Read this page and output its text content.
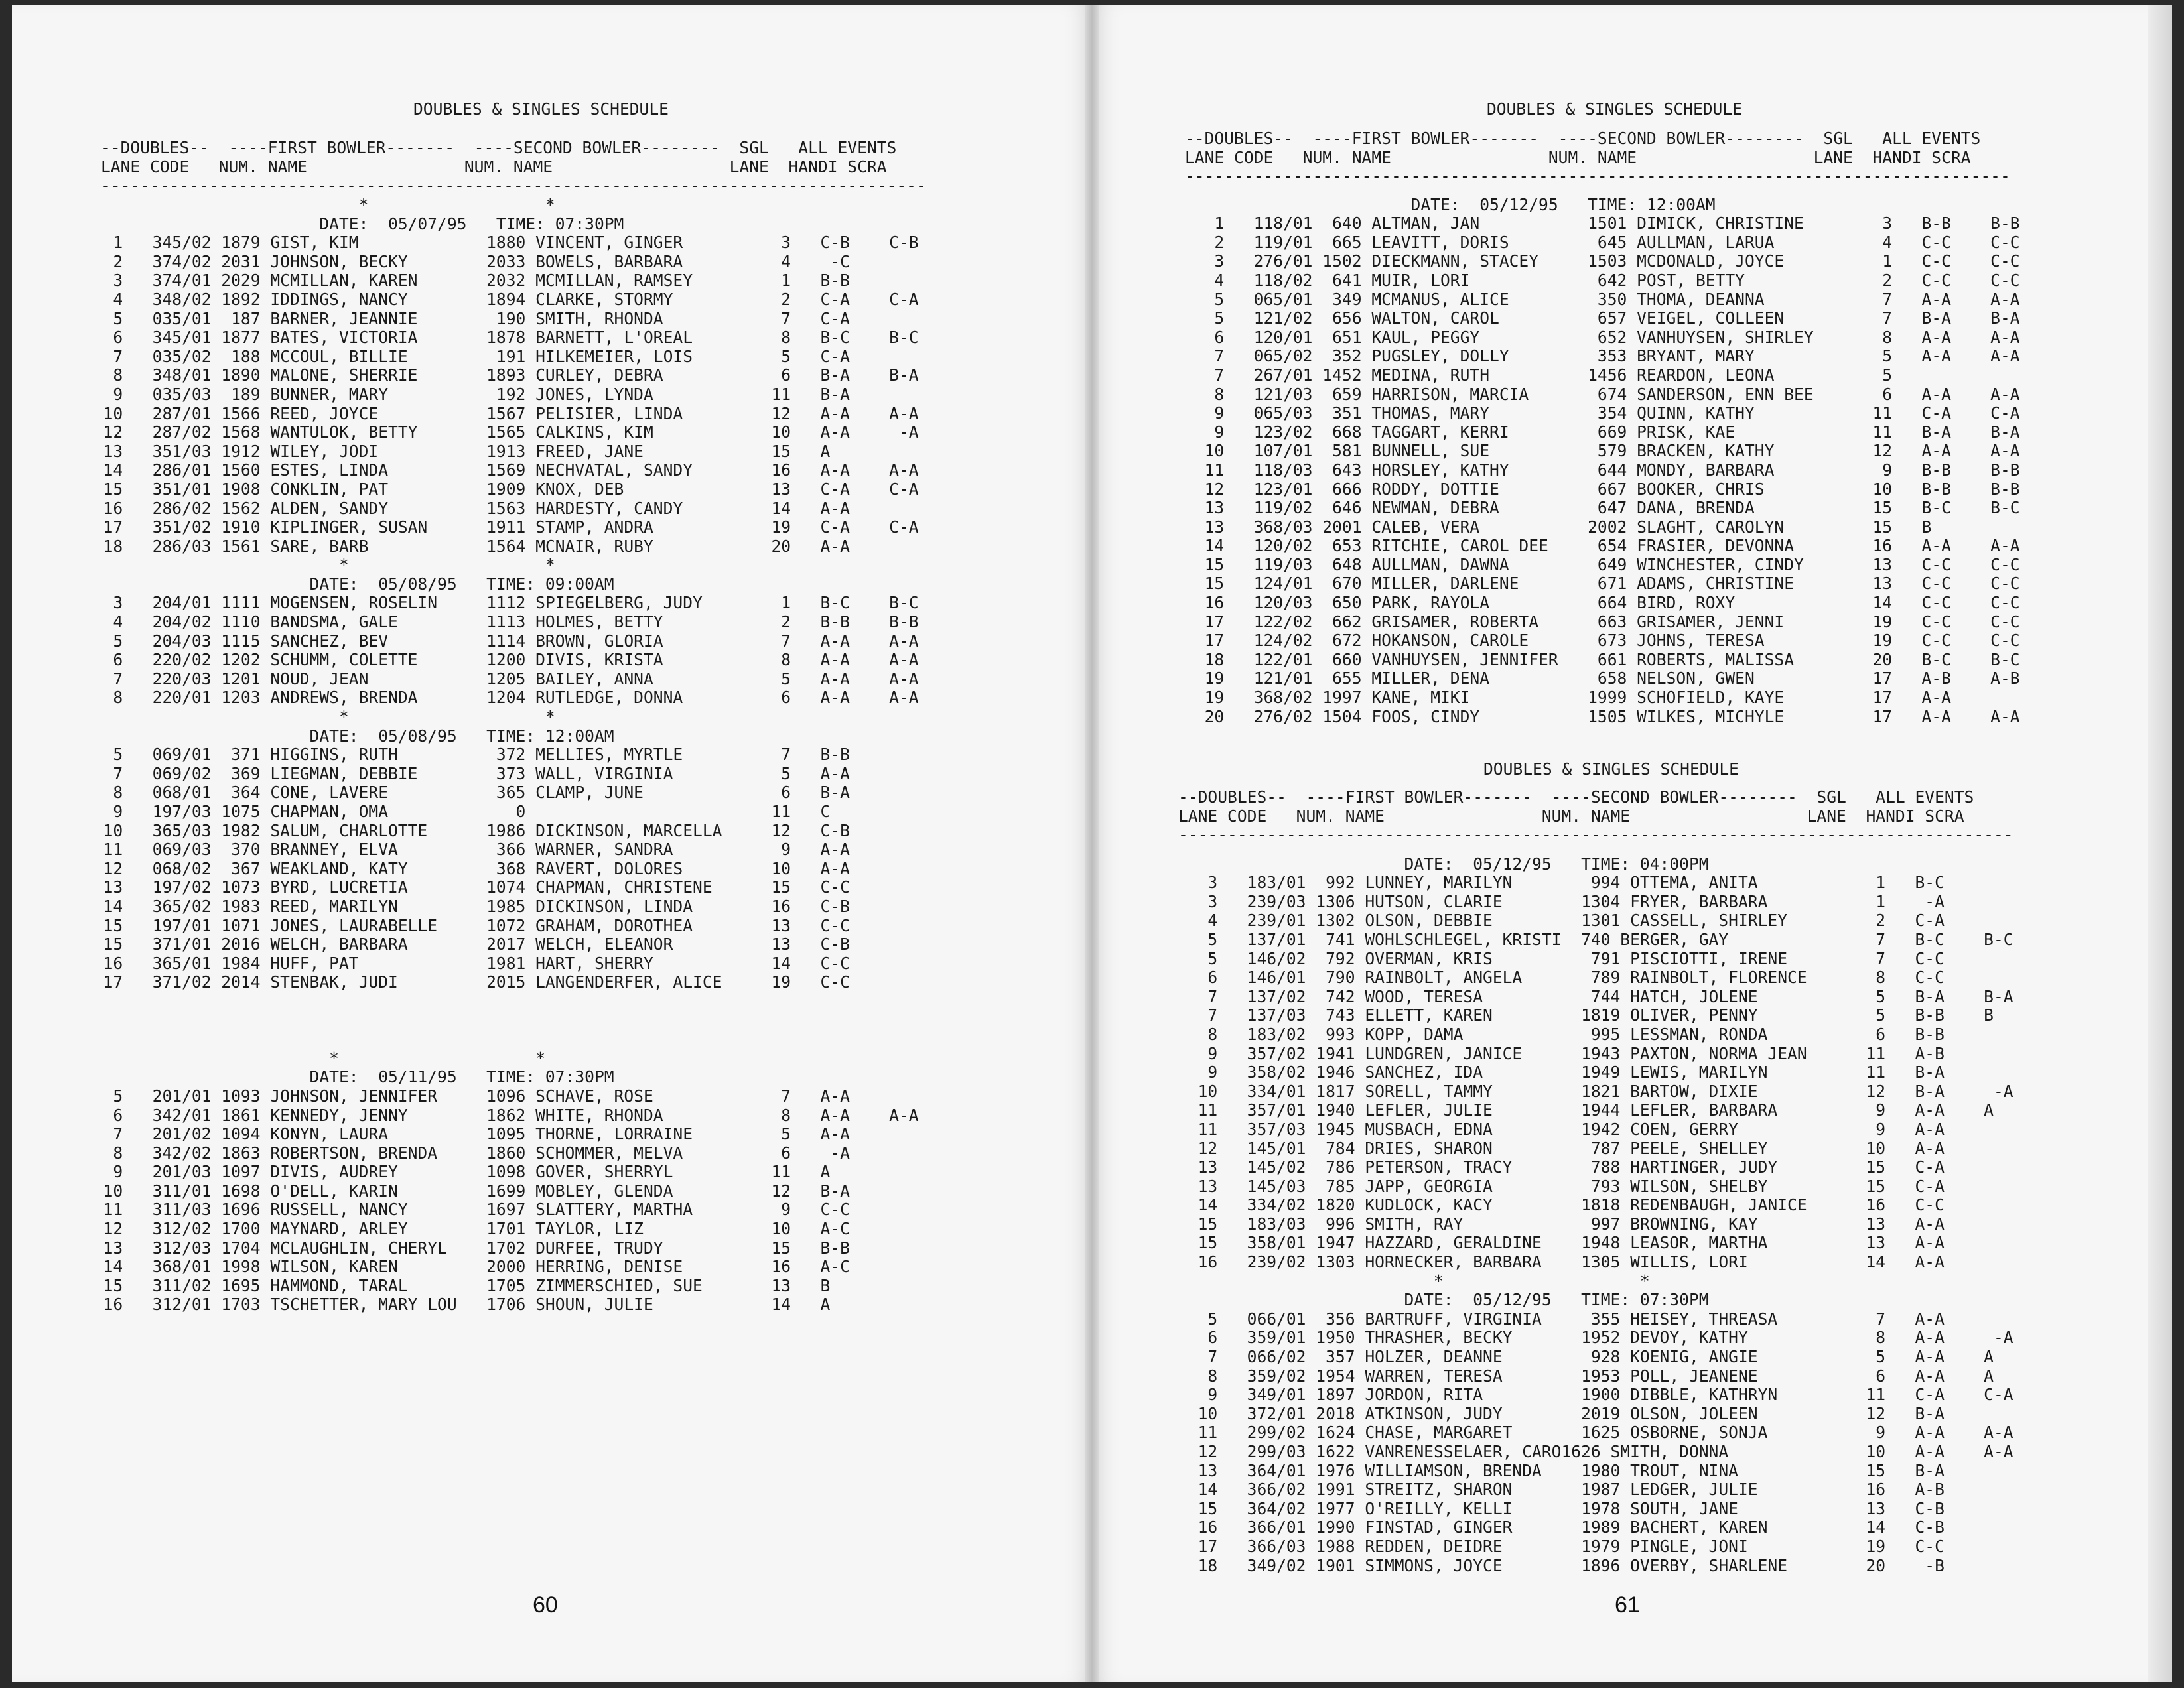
DOUBLES & SINGLES SCHEDULE
--DOUBLES--  ----FIRST BOWLER-------  ----SECOND BOWLER--------  SGL   ALL EVENTS
LANE CODE   NUM. NAME                NUM. NAME                  LANE  HANDI SCRA
------------------------------------------------------------------------------------
*                  *
DATE:  05/07/95   TIME: 07:30PM
1   345/02 1879 GIST, KIM             1880 VINCENT, GINGER          3   C-B    C-B
2   374/02 2031 JOHNSON, BECKY        2033 BOWELS, BARBARA          4    -C
3   374/01 2029 MCMILLAN, KAREN       2032 MCMILLAN, RAMSEY         1   B-B
4   348/02 1892 IDDINGS, NANCY        1894 CLARKE, STORMY           2   C-A    C-A
5   035/01  187 BARNER, JEANNIE        190 SMITH, RHONDA            7   C-A
6   345/01 1877 BATES, VICTORIA       1878 BARNETT, L'OREAL         8   B-C    B-C
7   035/02  188 MCCOUL, BILLIE         191 HILKEMEIER, LOIS         5   C-A
8   348/01 1890 MALONE, SHERRIE       1893 CURLEY, DEBRA            6   B-A    B-A
9   035/03  189 BUNNER, MARY           192 JONES, LYNDA            11   B-A
10   287/01 1566 REED, JOYCE           1567 PELISIER, LINDA         12   A-A    A-A
12   287/02 1568 WANTULOK, BETTY       1565 CALKINS, KIM            10   A-A     -A
13   351/03 1912 WILEY, JODI           1913 FREED, JANE             15   A
14   286/01 1560 ESTES, LINDA          1569 NECHVATAL, SANDY        16   A-A    A-A
15   351/01 1908 CONKLIN, PAT          1909 KNOX, DEB               13   C-A    C-A
16   286/02 1562 ALDEN, SANDY          1563 HARDESTY, CANDY         14   A-A
17   351/02 1910 KIPLINGER, SUSAN      1911 STAMP, ANDRA            19   C-A    C-A
18   286/03 1561 SARE, BARB            1564 MCNAIR, RUBY            20   A-A
*                    *
DATE:  05/08/95   TIME: 09:00AM
3   204/01 1111 MOGENSEN, ROSELIN     1112 SPIEGELBERG, JUDY        1   B-C    B-C
4   204/02 1110 BANDSMA, GALE         1113 HOLMES, BETTY            2   B-B    B-B
5   204/03 1115 SANCHEZ, BEV          1114 BROWN, GLORIA            7   A-A    A-A
6   220/02 1202 SCHUMM, COLETTE       1200 DIVIS, KRISTA            8   A-A    A-A
7   220/03 1201 NOUD, JEAN            1205 BAILEY, ANNA             5   A-A    A-A
8   220/01 1203 ANDREWS, BRENDA       1204 RUTLEDGE, DONNA          6   A-A    A-A
*                    *
DATE:  05/08/95   TIME: 12:00AM
5   069/01  371 HIGGINS, RUTH          372 MELLIES, MYRTLE          7   B-B
7   069/02  369 LIEGMAN, DEBBIE        373 WALL, VIRGINIA           5   A-A
8   068/01  364 CONE, LAVERE           365 CLAMP, JUNE              6   B-A
9   197/03 1075 CHAPMAN, OMA             0                         11   C
10   365/03 1982 SALUM, CHARLOTTE      1986 DICKINSON, MARCELLA     12   C-B
11   069/03  370 BRANNEY, ELVA          366 WARNER, SANDRA           9   A-A
12   068/02  367 WEAKLAND, KATY         368 RAVERT, DOLORES         10   A-A
13   197/02 1073 BYRD, LUCRETIA        1074 CHAPMAN, CHRISTENE      15   C-C
14   365/02 1983 REED, MARILYN         1985 DICKINSON, LINDA        16   C-B
15   197/01 1071 JONES, LAURABELLE     1072 GRAHAM, DOROTHEA        13   C-C
15   371/01 2016 WELCH, BARBARA        2017 WELCH, ELEANOR          13   C-B
16   365/01 1984 HUFF, PAT             1981 HART, SHERRY            14   C-C
17   371/02 2014 STENBAK, JUDI         2015 LANGENDERFER, ALICE     19   C-C

*                    *
DATE:  05/11/95   TIME: 07:30PM
5   201/01 1093 JOHNSON, JENNIFER     1096 SCHAVE, ROSE             7   A-A
6   342/01 1861 KENNEDY, JENNY        1862 WHITE, RHONDA            8   A-A    A-A
7   201/02 1094 KONYN, LAURA          1095 THORNE, LORRAINE         5   A-A
8   342/02 1863 ROBERTSON, BRENDA     1860 SCHOMMER, MELVA          6    -A
9   201/03 1097 DIVIS, AUDREY         1098 GOVER, SHERRYL          11   A
10   311/01 1698 O'DELL, KARIN         1699 MOBLEY, GLENDA          12   B-A
11   311/03 1696 RUSSELL, NANCY        1697 SLATTERY, MARTHA         9   C-C
12   312/02 1700 MAYNARD, ARLEY        1701 TAYLOR, LIZ             10   A-C
13   312/03 1704 MCLAUGHLIN, CHERYL    1702 DURFEE, TRUDY           15   B-B
14   368/01 1998 WILSON, KAREN         2000 HERRING, DENISE         16   A-C
15   311/02 1695 HAMMOND, TARAL        1705 ZIMMERSCHIED, SUE       13   B
16   312/01 1703 TSCHETTER, MARY LOU   1706 SHOUN, JULIE            14   A
60
DOUBLES & SINGLES SCHEDULE
--DOUBLES--  ----FIRST BOWLER-------  ----SECOND BOWLER--------  SGL   ALL EVENTS
LANE CODE   NUM. NAME                NUM. NAME                  LANE  HANDI SCRA
------------------------------------------------------------------------------------

DATE:  05/12/95   TIME: 12:00AM
1   118/01  640 ALTMAN, JAN           1501 DIMICK, CHRISTINE        3   B-B    B-B
2   119/01  665 LEAVITT, DORIS         645 AULLMAN, LARUA           4   C-C    C-C
3   276/01 1502 DIECKMANN, STACEY     1503 MCDONALD, JOYCE          1   C-C    C-C
4   118/02  641 MUIR, LORI             642 POST, BETTY              2   C-C    C-C
5   065/01  349 MCMANUS, ALICE         350 THOMA, DEANNA            7   A-A    A-A
5   121/02  656 WALTON, CAROL          657 VEIGEL, COLLEEN          7   B-A    B-A
6   120/01  651 KAUL, PEGGY            652 VANHUYSEN, SHIRLEY       8   A-A    A-A
7   065/02  352 PUGSLEY, DOLLY         353 BRYANT, MARY             5   A-A    A-A
7   267/01 1452 MEDINA, RUTH          1456 REARDON, LEONA           5
8   121/03  659 HARRISON, MARCIA       674 SANDERSON, ENN BEE       6   A-A    A-A
9   065/03  351 THOMAS, MARY           354 QUINN, KATHY            11   C-A    C-A
9   123/02  668 TAGGART, KERRI         669 PRISK, KAE              11   B-A    B-A
10   107/01  581 BUNNELL, SUE           579 BRACKEN, KATHY          12   A-A    A-A
11   118/03  643 HORSLEY, KATHY         644 MONDY, BARBARA           9   B-B    B-B
12   123/01  666 RODDY, DOTTIE          667 BOOKER, CHRIS           10   B-B    B-B
13   119/02  646 NEWMAN, DEBRA          647 DANA, BRENDA            15   B-C    B-C
13   368/03 2001 CALEB, VERA           2002 SLAGHT, CAROLYN         15   B
14   120/02  653 RITCHIE, CAROL DEE     654 FRASIER, DEVONNA        16   A-A    A-A
15   119/03  648 AULLMAN, DAWNA         649 WINCHESTER, CINDY       13   C-C    C-C
15   124/01  670 MILLER, DARLENE        671 ADAMS, CHRISTINE        13   C-C    C-C
16   120/03  650 PARK, RAYOLA           664 BIRD, ROXY              14   C-C    C-C
17   122/02  662 GRISAMER, ROBERTA      663 GRISAMER, JENNI         19   C-C    C-C
17   124/02  672 HOKANSON, CAROLE       673 JOHNS, TERESA           19   C-C    C-C
18   122/01  660 VANHUYSEN, JENNIFER    661 ROBERTS, MALISSA        20   B-C    B-C
19   121/01  655 MILLER, DENA           658 NELSON, GWEN            17   A-B    A-B
19   368/02 1997 KANE, MIKI            1999 SCHOFIELD, KAYE         17   A-A
20   276/02 1504 FOOS, CINDY           1505 WILKES, MICHYLE         17   A-A    A-A
DOUBLES & SINGLES SCHEDULE
--DOUBLES--  ----FIRST BOWLER-------  ----SECOND BOWLER--------  SGL   ALL EVENTS
LANE CODE   NUM. NAME                NUM. NAME                  LANE  HANDI SCRA
-------------------------------------------------------------------------------------

DATE:  05/12/95   TIME: 04:00PM
3   183/01  992 LUNNEY, MARILYN        994 OTTEMA, ANITA            1   B-C
3   239/03 1306 HUTSON, CLARIE        1304 FRYER, BARBARA           1    -A
4   239/01 1302 OLSON, DEBBIE         1301 CASSELL, SHIRLEY         2   C-A
5   137/01  741 WOHLSCHLEGEL, KRISTI  740 BERGER, GAY               7   B-C    B-C
5   146/02  792 OVERMAN, KRIS          791 PISCIOTTI, IRENE         7   C-C
6   146/01  790 RAINBOLT, ANGELA       789 RAINBOLT, FLORENCE       8   C-C
7   137/02  742 WOOD, TERESA           744 HATCH, JOLENE            5   B-A    B-A
7   137/03  743 ELLETT, KAREN         1819 OLIVER, PENNY            5   B-B    B
8   183/02  993 KOPP, DAMA             995 LESSMAN, RONDA           6   B-B
9   357/02 1941 LUNDGREN, JANICE      1943 PAXTON, NORMA JEAN      11   A-B
9   358/02 1946 SANCHEZ, IDA          1949 LEWIS, MARILYN          11   B-A
10   334/01 1817 SORELL, TAMMY         1821 BARTOW, DIXIE           12   B-A     -A
11   357/01 1940 LEFLER, JULIE         1944 LEFLER, BARBARA          9   A-A    A
11   357/03 1945 MUSBACH, EDNA         1942 COEN, GERRY              9   A-A
12   145/01  784 DRIES, SHARON          787 PEELE, SHELLEY          10   A-A
13   145/02  786 PETERSON, TRACY        788 HARTINGER, JUDY         15   C-A
13   145/03  785 JAPP, GEORGIA          793 WILSON, SHELBY          15   C-A
14   334/02 1820 KUDLOCK, KACY         1818 REDENBAUGH, JANICE      16   C-C
15   183/03  996 SMITH, RAY             997 BROWNING, KAY           13   A-A
15   358/01 1947 HAZZARD, GERALDINE    1948 LEASOR, MARTHA          13   A-A
16   239/02 1303 HORNECKER, BARBARA    1305 WILLIS, LORI            14   A-A
*                    *
DATE:  05/12/95   TIME: 07:30PM
5   066/01  356 BARTRUFF, VIRGINIA     355 HEISEY, THREASA          7   A-A
6   359/01 1950 THRASHER, BECKY       1952 DEVOY, KATHY             8   A-A     -A
7   066/02  357 HOLZER, DEANNE         928 KOENIG, ANGIE            5   A-A    A
8   359/02 1954 WARREN, TERESA        1953 POLL, JEANENE            6   A-A    A
9   349/01 1897 JORDON, RITA          1900 DIBBLE, KATHRYN         11   C-A    C-A
10   372/01 2018 ATKINSON, JUDY        2019 OLSON, JOLEEN           12   B-A
11   299/02 1624 CHASE, MARGARET       1625 OSBORNE, SONJA           9   A-A    A-A
12   299/03 1622 VANRENESSELAER, CARO1626 SMITH, DONNA              10   A-A    A-A
13   364/01 1976 WILLIAMSON, BRENDA    1980 TROUT, NINA             15   B-A
14   366/02 1991 STREITZ, SHARON       1987 LEDGER, JULIE           16   A-B
15   364/02 1977 O'REILLY, KELLI       1978 SOUTH, JANE             13   C-B
16   366/01 1990 FINSTAD, GINGER       1989 BACHERT, KAREN          14   C-B
17   366/03 1988 REDDEN, DEIDRE        1979 PINGLE, JONI            19   C-C
18   349/02 1901 SIMMONS, JOYCE        1896 OVERBY, SHARLENE        20    -B
61
